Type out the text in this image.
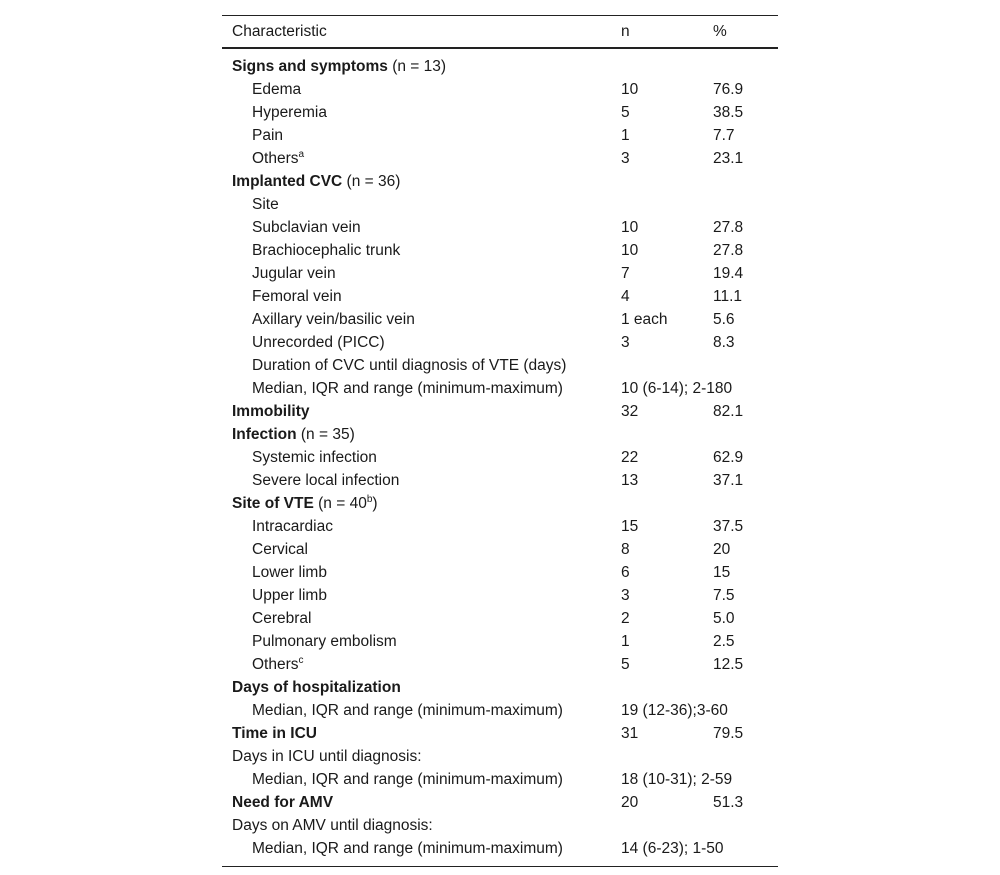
Characteristic	n	%
Signs and symptoms (n = 13)		
Edema	10	76.9
Hyperemia	5	38.5
Pain	1	7.7
Others$^a$	3	23.1
Implanted CVC (n = 36)		
Site		
Subclavian vein	10	27.8
Brachiocephalic trunk	10	27.8
Jugular vein	7	19.4
Femoral vein	4	11.1
Axillary vein/basilic vein	1 each	5.6
Unrecorded (PICC)	3	8.3
Duration of CVC until diagnosis of VTE (days)		
Median, IQR and range (minimum-maximum)	10 (6-14); 2-180	
Immobility	32	82.1
Infection (n = 35)		
Systemic infection	22	62.9
Severe local infection	13	37.1
Site of VTE $(n = 40^b)$		
Intracardiac	15	37.5
Cervical	8	20
Lower limb	6	15
Upper limb	3	7.5
Cerebral	2	5.0
Pulmonary embolism	1	2.5
Others$^c$	5	12.5
Days of hospitalization		
Median, IQR and range (minimum-maximum)	19 (12-36);3-60	
Time in ICU	31	79.5
Days in ICU until diagnosis:		
Median, IQR and range (minimum-maximum)	18 (10-31); 2-59	
Need for AMV	20	51.3
Days on AMV until diagnosis:		
Median, IQR and range (minimum-maximum)	14 (6-23); 1-50	
